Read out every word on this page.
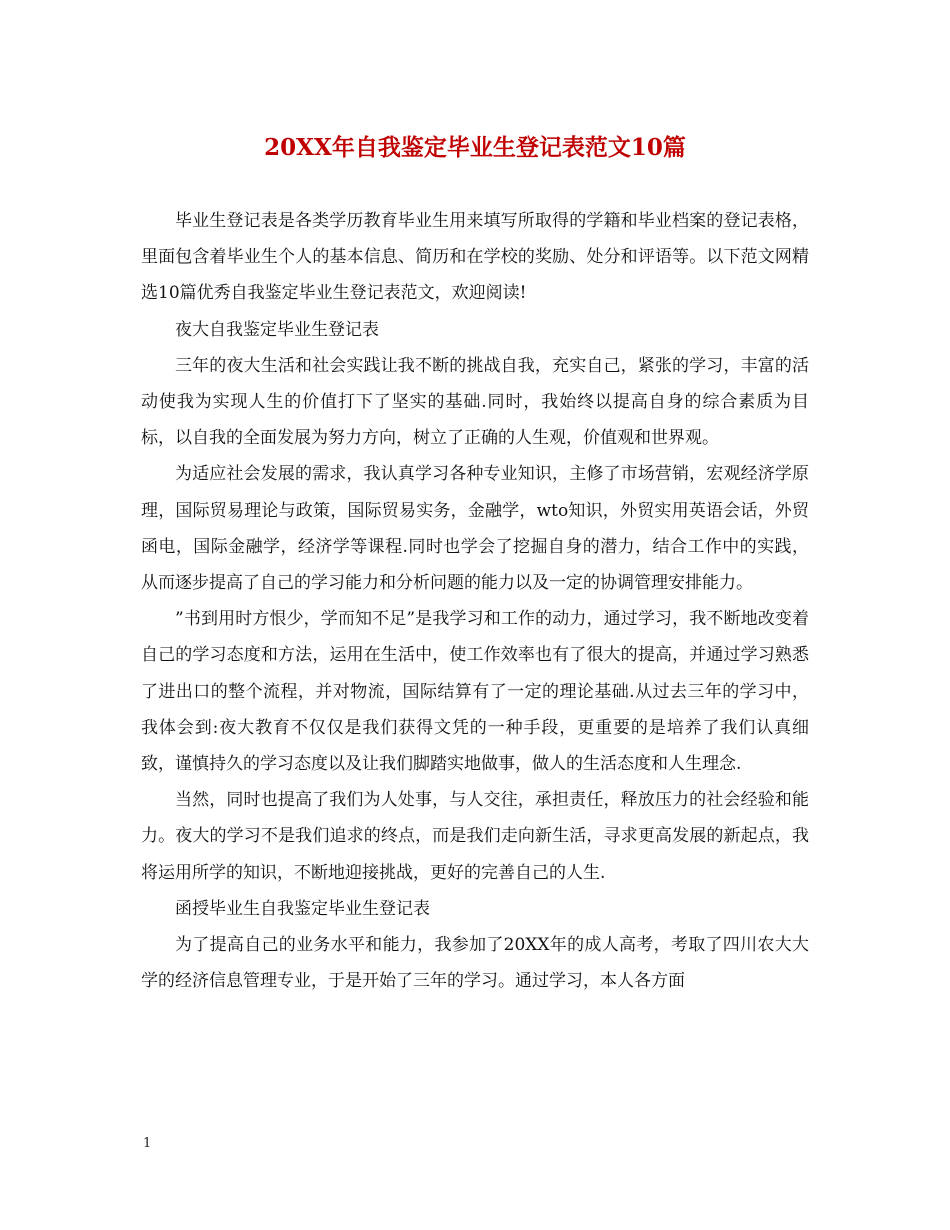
20XX年自我鉴定毕业生登记表范文10篇

毕业生登记表是各类学历教育毕业生用来填写所取得的学籍和毕业档案的登记表格，里面包含着毕业生个人的基本信息、简历和在学校的奖励、处分和评语等。以下范文网精选10篇优秀自我鉴定毕业生登记表范文，欢迎阅读!

夜大自我鉴定毕业生登记表

三年的夜大生活和社会实践让我不断的挑战自我，充实自己，紧张的学习，丰富的活动使我为实现人生的价值打下了坚实的基础.同时，我始终以提高自身的综合素质为目标，以自我的全面发展为努力方向，树立了正确的人生观，价值观和世界观。

为适应社会发展的需求，我认真学习各种专业知识，主修了市场营销，宏观经济学原理，国际贸易理论与政策，国际贸易实务，金融学，wto知识，外贸实用英语会话，外贸函电，国际金融学，经济学等课程.同时也学会了挖掘自身的潜力，结合工作中的实践，从而逐步提高了自己的学习能力和分析问题的能力以及一定的协调管理安排能力。

”书到用时方恨少，学而知不足”是我学习和工作的动力，通过学习，我不断地改变着自己的学习态度和方法，运用在生活中，使工作效率也有了很大的提高，并通过学习熟悉了进出口的整个流程，并对物流，国际结算有了一定的理论基础.从过去三年的学习中，我体会到:夜大教育不仅仅是我们获得文凭的一种手段，更重要的是培养了我们认真细致，谨慎持久的学习态度以及让我们脚踏实地做事，做人的生活态度和人生理念.

当然，同时也提高了我们为人处事，与人交往，承担责任，释放压力的社会经验和能力。夜大的学习不是我们追求的终点，而是我们走向新生活，寻求更高发展的新起点，我将运用所学的知识，不断地迎接挑战，更好的完善自己的人生.

函授毕业生自我鉴定毕业生登记表

为了提高自己的业务水平和能力，我参加了20XX年的成人高考，考取了四川农大大学的经济信息管理专业，于是开始了三年的学习。通过学习，本人各方面

1
